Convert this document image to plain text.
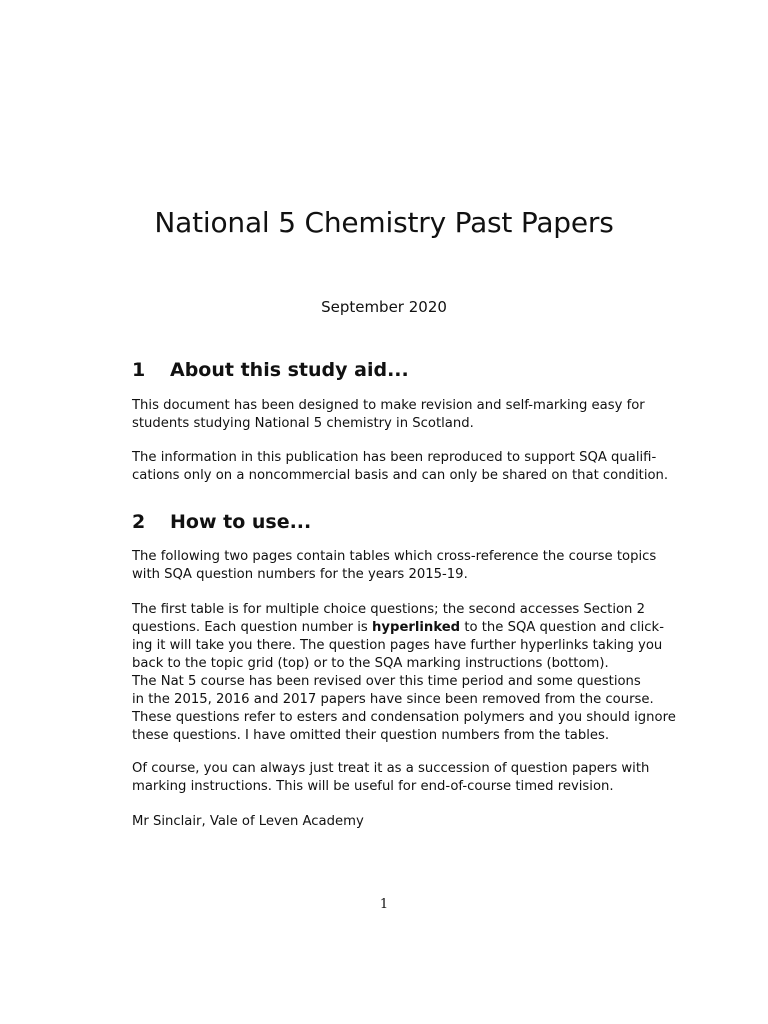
National 5 Chemistry Past Papers

September 2020

1 About this study aid...
This document has been designed to make revision and self-marking easy for
students studying National 5 chemistry in Scotland.
The information in this publication has been reproduced to support SQA qualifi-
cations only on a noncommercial basis and can only be shared on that condition.
2 How to use...
The following two pages contain tables which cross-reference the course topics
with SQA question numbers for the years 2015-19.
The first table is for multiple choice questions; the second accesses Section 2
questions. Each question number is hyperlinked to the SQA question and click-
ing it will take you there. The question pages have further hyperlinks taking you
back to the topic grid (top) or to the SQA marking instructions (bottom).
The Nat 5 course has been revised over this time period and some questions
in the 2015, 2016 and 2017 papers have since been removed from the course.
These questions refer to esters and condensation polymers and you should ignore
these questions. I have omitted their question numbers from the tables.
Of course, you can always just treat it as a succession of question papers with
marking instructions. This will be useful for end-of-course timed revision.
Mr Sinclair, Vale of Leven Academy

1
